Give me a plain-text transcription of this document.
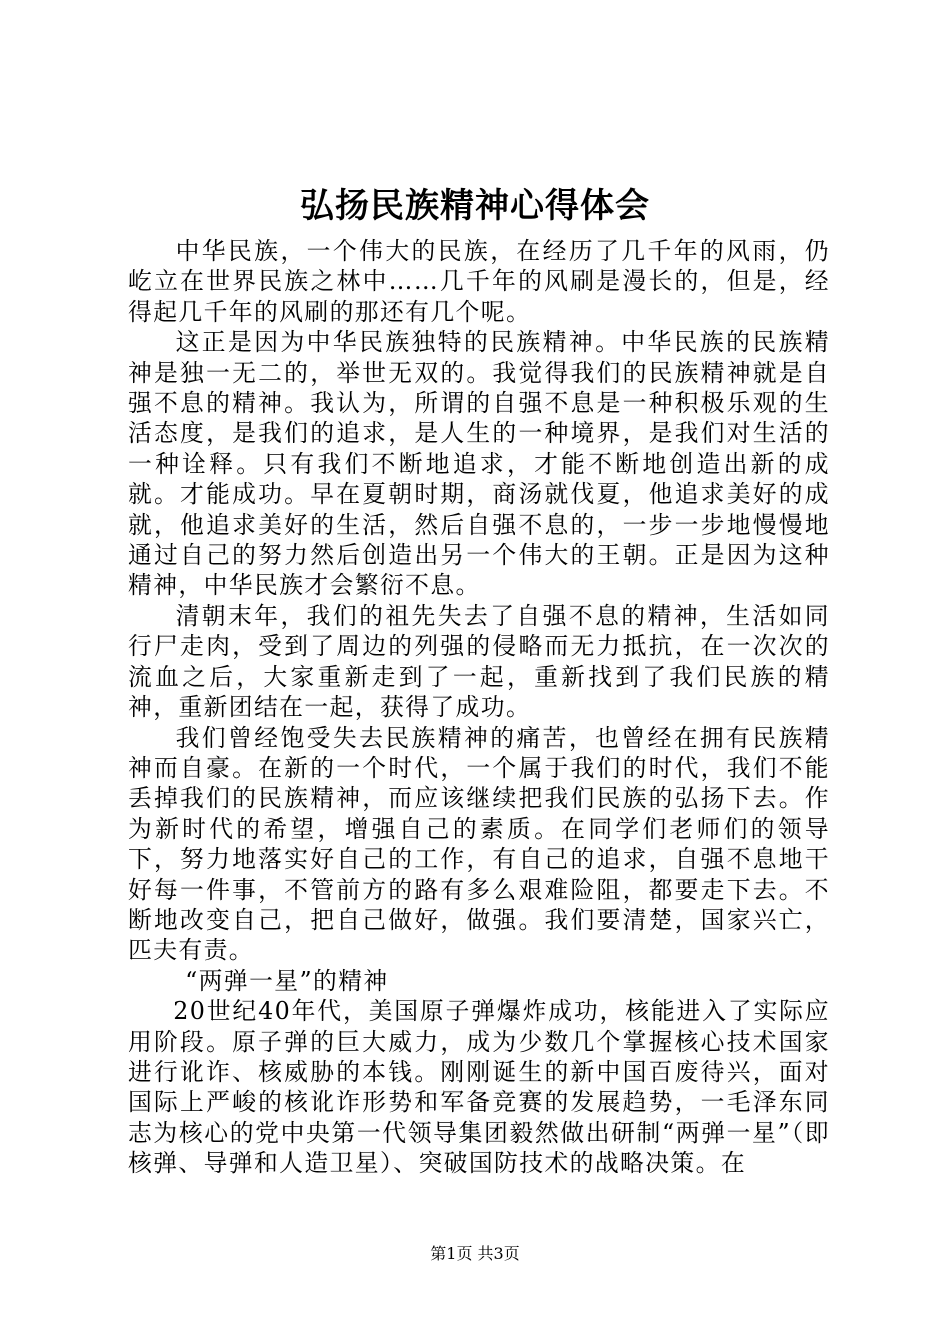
弘扬民族精神心得体会

中华民族，一个伟大的民族，在经历了几千年的风雨，仍屹立在世界民族之林中……几千年的风刷是漫长的，但是，经得起几千年的风刷的那还有几个呢。

这正是因为中华民族独特的民族精神。中华民族的民族精神是独一无二的，举世无双的。我觉得我们的民族精神就是自强不息的精神。我认为，所谓的自强不息是一种积极乐观的生活态度，是我们的追求，是人生的一种境界，是我们对生活的一种诠释。只有我们不断地追求，才能不断地创造出新的成就。才能成功。早在夏朝时期，商汤就伐夏，他追求美好的成就，他追求美好的生活，然后自强不息的，一步一步地慢慢地通过自己的努力然后创造出另一个伟大的王朝。正是因为这种精神，中华民族才会繁衍不息。

清朝末年，我们的祖先失去了自强不息的精神，生活如同行尸走肉，受到了周边的列强的侵略而无力抵抗，在一次次的流血之后，大家重新走到了一起，重新找到了我们民族的精神，重新团结在一起，获得了成功。

我们曾经饱受失去民族精神的痛苦，也曾经在拥有民族精神而自豪。在新的一个时代，一个属于我们的时代，我们不能丢掉我们的民族精神，而应该继续把我们民族的弘扬下去。作为新时代的希望，增强自己的素质。在同学们老师们的领导下，努力地落实好自己的工作，有自己的追求，自强不息地干好每一件事，不管前方的路有多么艰难险阻，都要走下去。不断地改变自己，把自己做好，做强。我们要清楚，国家兴亡，匹夫有责。

“两弹一星”的精神

20世纪40年代，美国原子弹爆炸成功，核能进入了实际应用阶段。原子弹的巨大威力，成为少数几个掌握核心技术国家进行讹诈、核威胁的本钱。刚刚诞生的新中国百废待兴，面对国际上严峻的核讹诈形势和军备竞赛的发展趋势，一毛泽东同志为核心的党中央第一代领导集团毅然做出研制“两弹一星”（即核弹、导弹和人造卫星）、突破国防技术的战略决策。在

第1页 共3页
